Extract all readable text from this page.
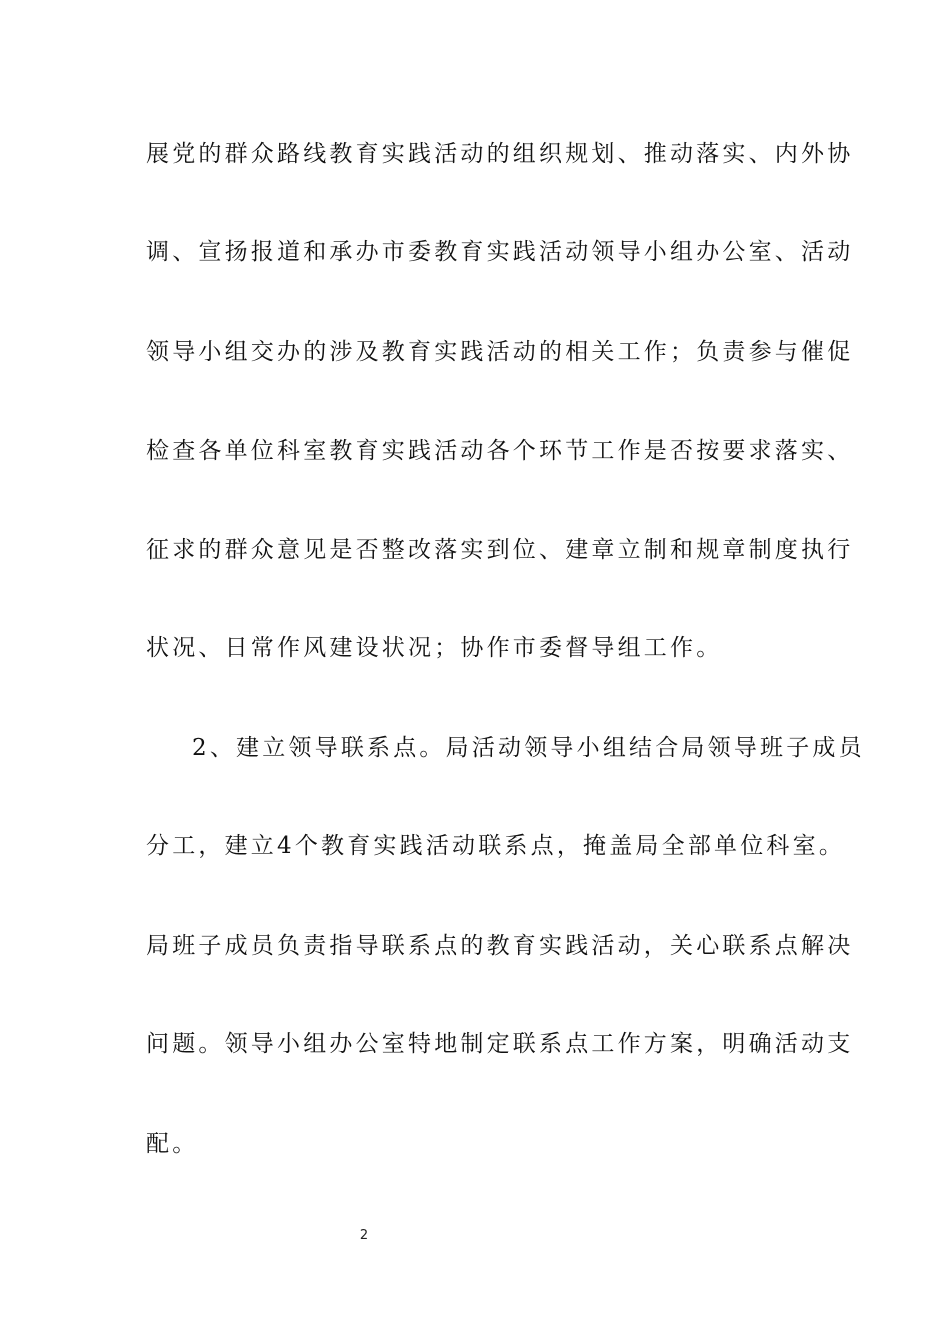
展党的群众路线教育实践活动的组织规划、推动落实、内外协
调、宣扬报道和承办市委教育实践活动领导小组办公室、活动
领导小组交办的涉及教育实践活动的相关工作；负责参与催促
检查各单位科室教育实践活动各个环节工作是否按要求落实、
征求的群众意见是否整改落实到位、建章立制和规章制度执行
状况、日常作风建设状况；协作市委督导组工作。
2、建立领导联系点。局活动领导小组结合局领导班子成员
分工，建立4个教育实践活动联系点，掩盖局全部单位科室。
局班子成员负责指导联系点的教育实践活动，关心联系点解决
问题。领导小组办公室特地制定联系点工作方案，明确活动支
配。
2
